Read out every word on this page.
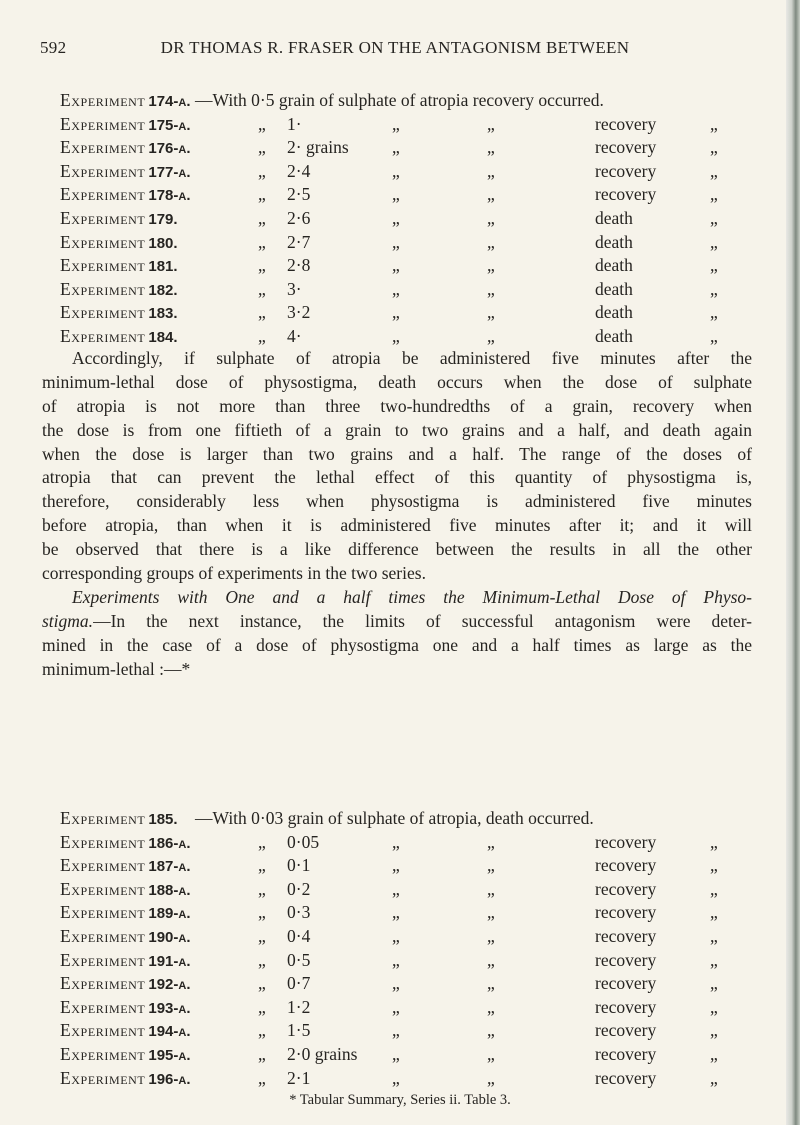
592	DR THOMAS R. FRASER ON THE ANTAGONISM BETWEEN
Experiment 174-a. —With 0·5 grain of sulphate of atropia recovery occurred.
Experiment 175-a.	„ 1·	„	„	recovery	„
Experiment 176-a.	„ 2· grains „	„	recovery	„
Experiment 177-a.	„ 2·4	„	„	recovery	„
Experiment 178-a.	„ 2·5	„	„	recovery	„
Experiment 179.	„ 2·6	„	„	death	„
Experiment 180.	„ 2·7	„	„	death	„
Experiment 181.	„ 2·8	„	„	death	„
Experiment 182.	„ 3·	„	„	death	„
Experiment 183.	„ 3·2	„	„	death	„
Experiment 184.	„ 4·	„	„	death	„
Accordingly, if sulphate of atropia be administered five minutes after the
minimum-lethal dose of physostigma, death occurs when the dose of sulphate
of atropia is not more than three two-hundredths of a grain, recovery when
the dose is from one fiftieth of a grain to two grains and a half, and death again
when the dose is larger than two grains and a half. The range of the doses of
atropia that can prevent the lethal effect of this quantity of physostigma is,
therefore, considerably less when physostigma is administered five minutes
before atropia, than when it is administered five minutes after it; and it will
be observed that there is a like difference between the results in all the other
corresponding groups of experiments in the two series.
Experiments with One and a half times the Minimum-Lethal Dose of Physo-
stigma.—In the next instance, the limits of successful antagonism were deter-
mined in the case of a dose of physostigma one and a half times as large as the
minimum-lethal :—*
Experiment 185. —With 0·03 grain of sulphate of atropia, death occurred.
Experiment 186-a.	„ 0·05	„	„	recovery	„
Experiment 187-a.	„ 0·1	„	„	recovery	„
Experiment 188-a.	„ 0·2	„	„	recovery	„
Experiment 189-a.	„ 0·3	„	„	recovery	„
Experiment 190-a.	„ 0·4	„	„	recovery	„
Experiment 191-a.	„ 0·5	„	„	recovery	„
Experiment 192-a.	„ 0·7	„	„	recovery	„
Experiment 193-a.	„ 1·2	„	„	recovery	„
Experiment 194-a.	„ 1·5	„	„	recovery	„
Experiment 195-a.	„ 2·0 grains „	„	recovery	„
Experiment 196-a.	„ 2·1	„	„	recovery	„
* Tabular Summary, Series ii. Table 3.
